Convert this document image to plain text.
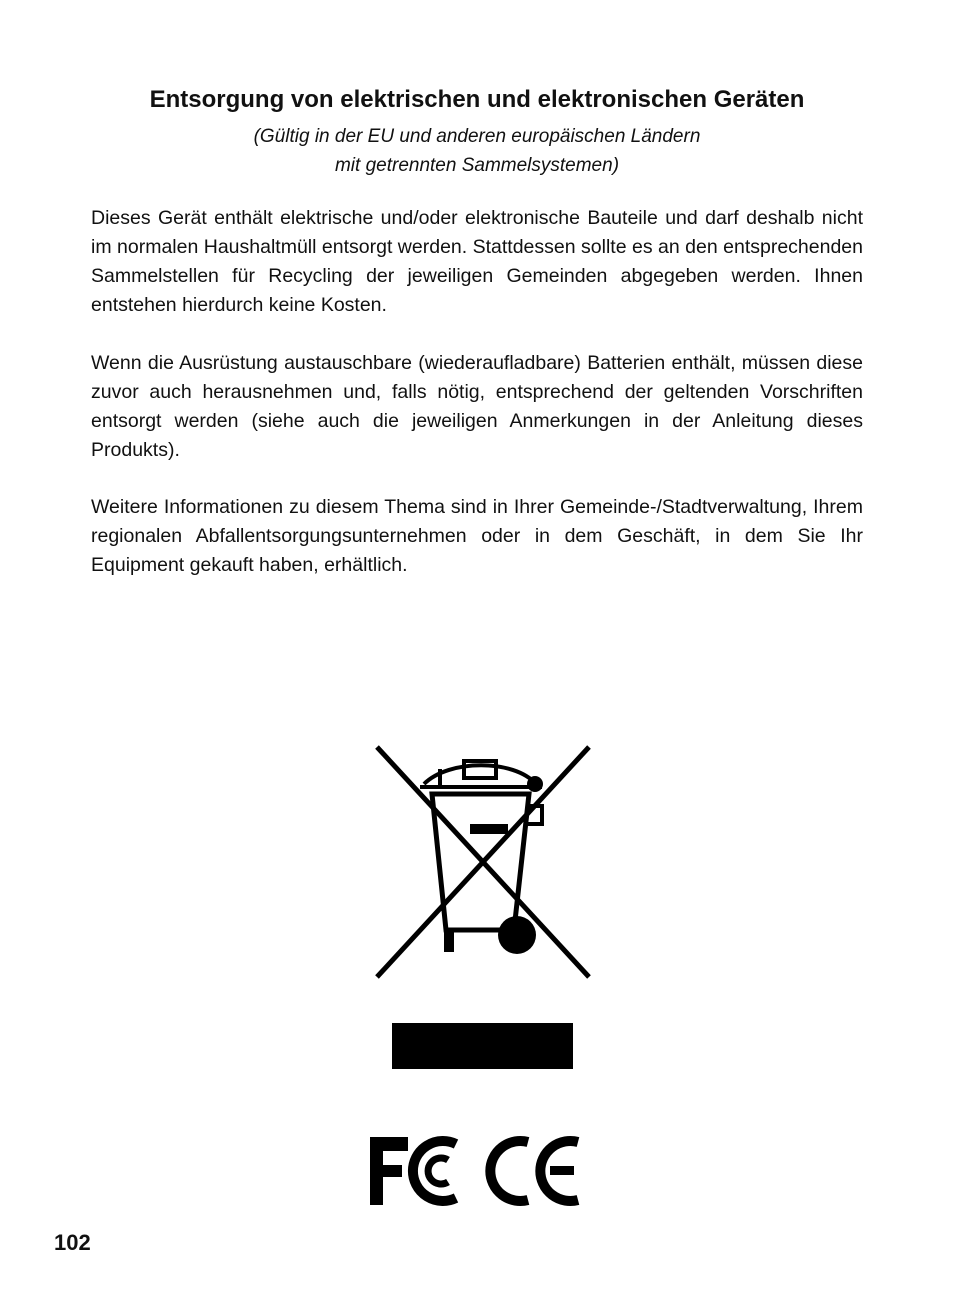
Entsorgung von elektrischen und elektronischen Geräten
(Gültig in der EU und anderen europäischen Ländern
mit getrennten Sammelsystemen)

Dieses Gerät enthält elektrische und/oder elektronische Bauteile und darf deshalb nicht im normalen Haushaltmüll entsorgt werden. Stattdessen sollte es an den entsprechenden Sammelstellen für Recycling der jeweiligen Gemeinden abgegeben werden. Ihnen entstehen hierdurch keine Kosten.

Wenn die Ausrüstung austauschbare (wiederaufladbare) Batterien enthält, müssen diese zuvor auch herausnehmen und, falls nötig, entsprechend der geltenden Vorschriften entsorgt werden (siehe auch die jeweiligen Anmerkungen in der Anleitung dieses Produkts).

Weitere Informationen zu diesem Thema sind in Ihrer Gemeinde-/Stadtverwaltung, Ihrem regionalen Abfallentsorgungsunternehmen oder in dem Geschäft, in dem Sie Ihr Equipment gekauft haben, erhältlich.

102
